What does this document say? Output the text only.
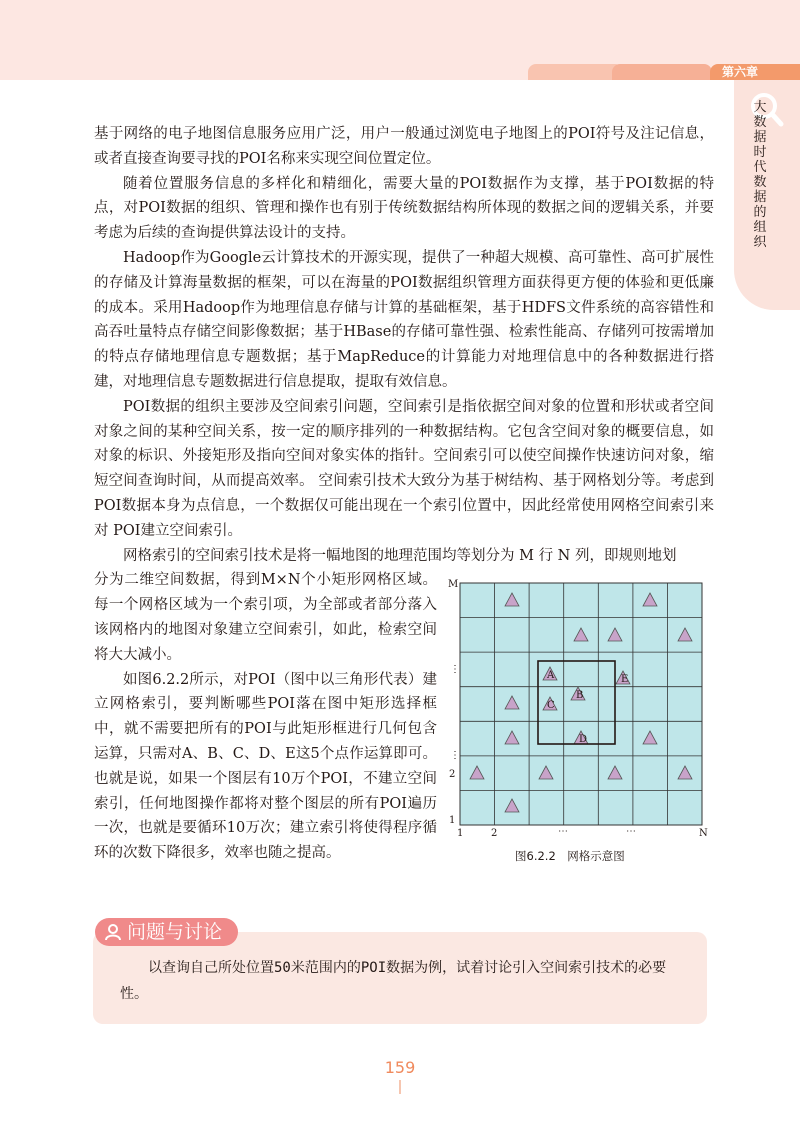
第六章
大数据时代数据的组织

基于网络的电子地图信息服务应用广泛，用户一般通过浏览电子地图上的POI符号及注记信息，或者直接查询要寻找的POI名称来实现空间位置定位。

随着位置服务信息的多样化和精细化，需要大量的POI数据作为支撑，基于POI数据的特点，对POI数据的组织、管理和操作也有别于传统数据结构所体现的数据之间的逻辑关系，并要考虑为后续的查询提供算法设计的支持。

Hadoop作为Google云计算技术的开源实现，提供了一种超大规模、高可靠性、高可扩展性的存储及计算海量数据的框架，可以在海量的POI数据组织管理方面获得更方便的体验和更低廉的成本。采用Hadoop作为地理信息存储与计算的基础框架，基于HDFS文件系统的高容错性和高吞吐量特点存储空间影像数据；基于HBase的存储可靠性强、检索性能高、存储列可按需增加的特点存储地理信息专题数据；基于MapReduce的计算能力对地理信息中的各种数据进行搭建，对地理信息专题数据进行信息提取，提取有效信息。

POI数据的组织主要涉及空间索引问题，空间索引是指依据空间对象的位置和形状或者空间对象之间的某种空间关系，按一定的顺序排列的一种数据结构。它包含空间对象的概要信息，如对象的标识、外接矩形及指向空间对象实体的指针。空间索引可以使空间操作快速访问对象，缩短空间查询时间，从而提高效率。 空间索引技术大致分为基于树结构、基于网格划分等。考虑到POI数据本身为点信息，一个数据仅可能出现在一个索引位置中，因此经常使用网格空间索引来对 POI建立空间索引。

网格索引的空间索引技术是将一幅地图的地理范围均等划分为 M 行 N 列，即规则地划

分为二维空间数据，得到M×N个小矩形网格区域。 每一个网格区域为一个索引项，为全部或者部分落入该网格内的地图对象建立空间索引，如此，检索空间将大大减小。

如图6.2.2所示，对POI（图中以三角形代表）建立网格索引，要判断哪些POI落在图中矩形选择框中，就不需要把所有的POI与此矩形框进行几何包含运算，只需对A、B、C、D、E这5个点作运算即可。也就是说，如果一个图层有10万个POI，不建立空间索引，任何地图操作都将对整个图层的所有POI遍历一次，也就是要循环10万次；建立索引将使得程序循环的次数下降很多，效率也随之提高。

M
⋮
⋮
2
1
1	2	⋯	⋯	N
A
B
C
D
E
图6.2.2　网格示意图
问题与讨论

以查询自己所处位置50米范围内的POI数据为例，试着讨论引入空间索引技术的必要性。

159
